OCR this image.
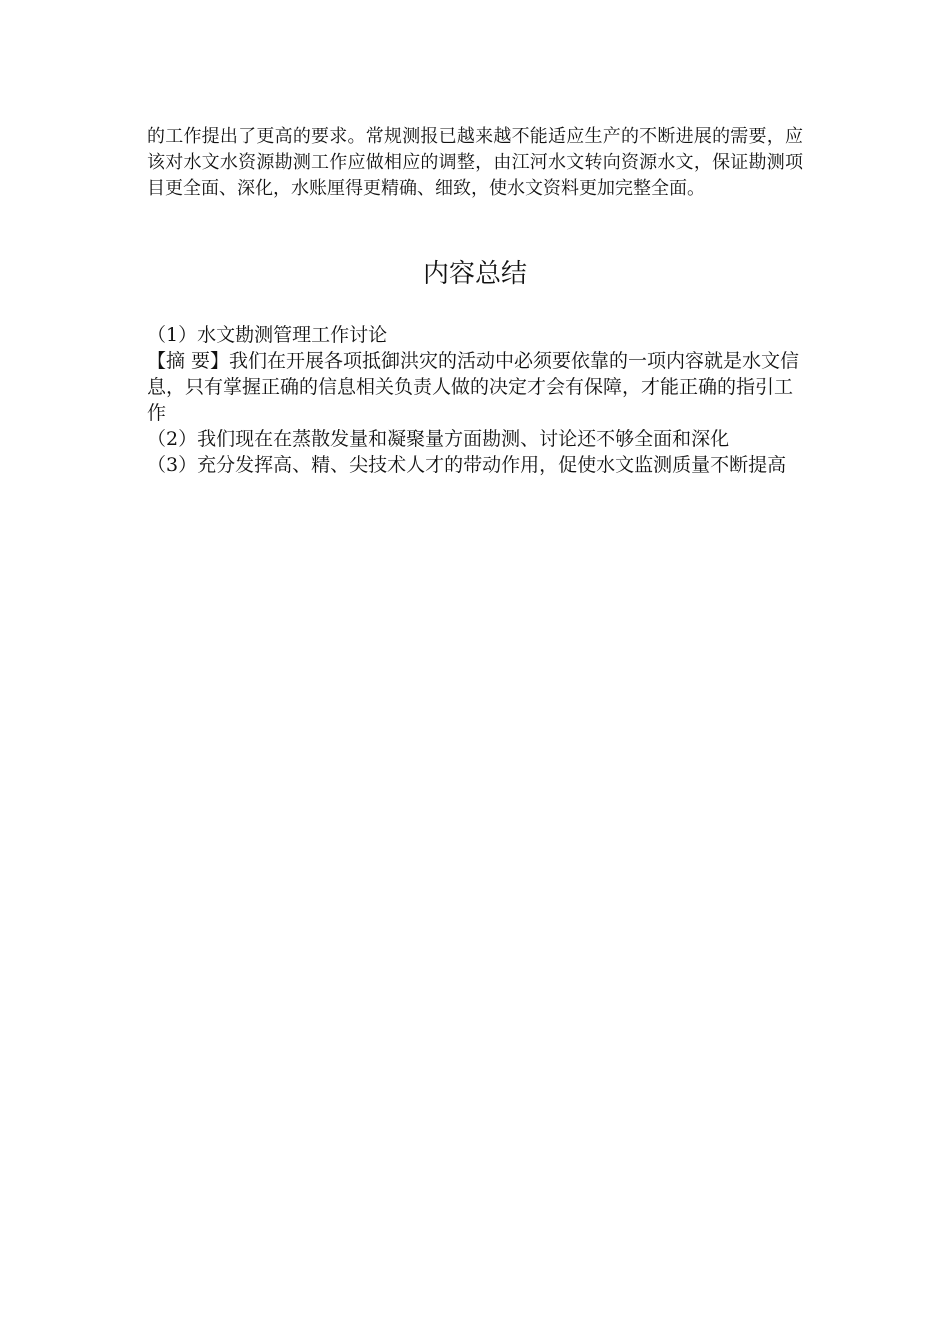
的工作提出了更高的要求。常规测报已越来越不能适应生产的不断进展的需要，应该对水文水资源勘测工作应做相应的调整，由江河水文转向资源水文，保证勘测项目更全面、深化，水账厘得更精确、细致，使水文资料更加完整全面。

内容总结

（1）水文勘测管理工作讨论

【摘 要】我们在开展各项抵御洪灾的活动中必须要依靠的一项内容就是水文信息，只有掌握正确的信息相关负责人做的决定才会有保障，才能正确的指引工作

（2）我们现在在蒸散发量和凝聚量方面勘测、讨论还不够全面和深化

（3）充分发挥高、精、尖技术人才的带动作用，促使水文监测质量不断提高
